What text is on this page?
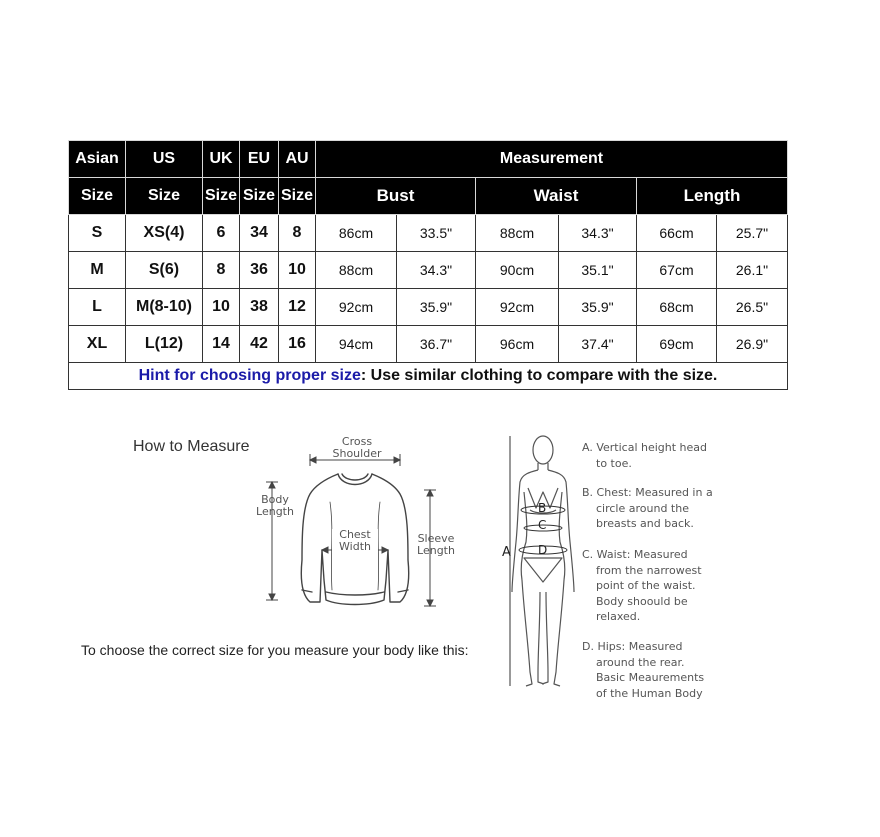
Asian	US	UK	EU	AU	Measurement					
Size	Size	Size	Size	Size	Bust		Waist		Length	
S	XS(4)	6	34	8	86cm	33.5"	88cm	34.3"	66cm	25.7"
M	S(6)	8	36	10	88cm	34.3"	90cm	35.1"	67cm	26.1"
L	M(8-10)	10	38	12	92cm	35.9"	92cm	35.9"	68cm	26.5"
XL	L(12)	14	42	16	94cm	36.7"	96cm	37.4"	69cm	26.9"
Hint for choosing proper size: Use similar clothing to compare with the size.										
How to Measure	Cross
Shoulder
Body
Length
Chest
Width
Sleeve
Length
To choose the correct size for you measure your body like this:
A
B
C
D
A. Vertical height head
to toe.
B. Chest: Measured in a
circle around the
breasts and back.
C. Waist: Measured
from the narrowest
point of the waist.
Body shoould be
relaxed.
D. Hips: Measured
around the rear.
Basic Meaurements
of the Human Body
